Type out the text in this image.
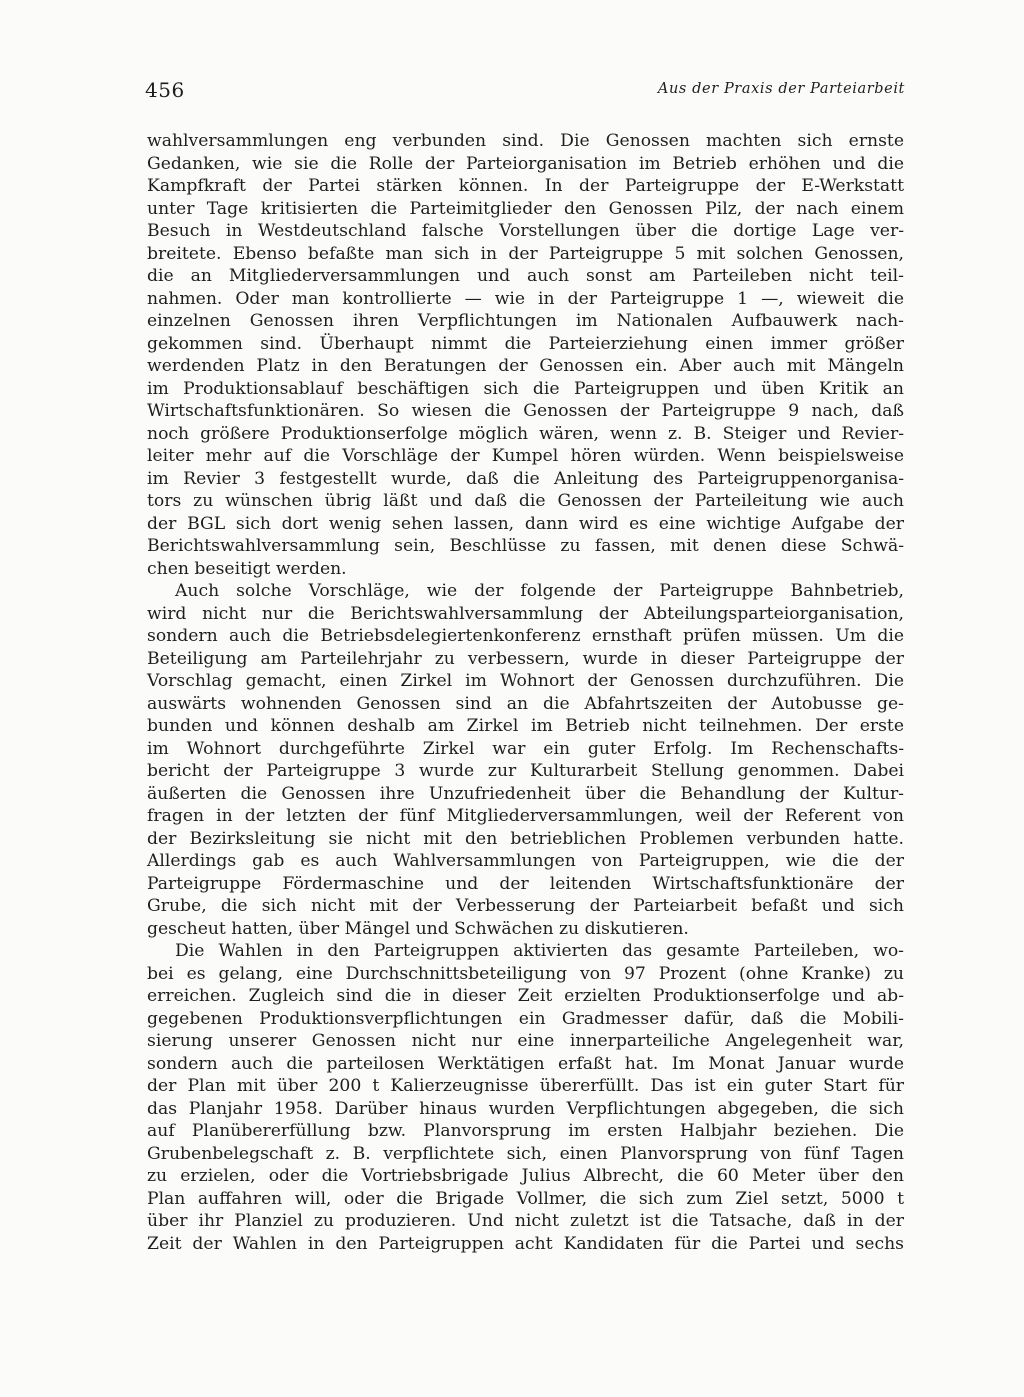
456	Aus der Praxis der Parteiarbeit
wahlversammlungen eng verbunden sind. Die Genossen machten sich ernste
Gedanken, wie sie die Rolle der Parteiorganisation im Betrieb erhöhen und die
Kampfkraft der Partei stärken können. In der Parteigruppe der E-Werkstatt
unter Tage kritisierten die Parteimitglieder den Genossen Pilz, der nach einem
Besuch in Westdeutschland falsche Vorstellungen über die dortige Lage ver-
breitete. Ebenso befaßte man sich in der Parteigruppe 5 mit solchen Genossen,
die an Mitgliederversammlungen und auch sonst am Parteileben nicht teil-
nahmen. Oder man kontrollierte — wie in der Parteigruppe 1 —, wieweit die
einzelnen Genossen ihren Verpflichtungen im Nationalen Aufbauwerk nach-
gekommen sind. Überhaupt nimmt die Parteierziehung einen immer größer
werdenden Platz in den Beratungen der Genossen ein. Aber auch mit Mängeln
im Produktionsablauf beschäftigen sich die Parteigruppen und üben Kritik an
Wirtschaftsfunktionären. So wiesen die Genossen der Parteigruppe 9 nach, daß
noch größere Produktionserfolge möglich wären, wenn z. B. Steiger und Revier-
leiter mehr auf die Vorschläge der Kumpel hören würden. Wenn beispielsweise
im Revier 3 festgestellt wurde, daß die Anleitung des Parteigruppenorganisa-
tors zu wünschen übrig läßt und daß die Genossen der Parteileitung wie auch
der BGL sich dort wenig sehen lassen, dann wird es eine wichtige Aufgabe der
Berichtswahlversammlung sein, Beschlüsse zu fassen, mit denen diese Schwä-
chen beseitigt werden.
Auch solche Vorschläge, wie der folgende der Parteigruppe Bahnbetrieb,
wird nicht nur die Berichtswahlversammlung der Abteilungsparteiorganisation,
sondern auch die Betriebsdelegiertenkonferenz ernsthaft prüfen müssen. Um die
Beteiligung am Parteilehrjahr zu verbessern, wurde in dieser Parteigruppe der
Vorschlag gemacht, einen Zirkel im Wohnort der Genossen durchzuführen. Die
auswärts wohnenden Genossen sind an die Abfahrtszeiten der Autobusse ge-
bunden und können deshalb am Zirkel im Betrieb nicht teilnehmen. Der erste
im Wohnort durchgeführte Zirkel war ein guter Erfolg. Im Rechenschafts-
bericht der Parteigruppe 3 wurde zur Kulturarbeit Stellung genommen. Dabei
äußerten die Genossen ihre Unzufriedenheit über die Behandlung der Kultur-
fragen in der letzten der fünf Mitgliederversammlungen, weil der Referent von
der Bezirksleitung sie nicht mit den betrieblichen Problemen verbunden hatte.
Allerdings gab es auch Wahlversammlungen von Parteigruppen, wie die der
Parteigruppe Fördermaschine und der leitenden Wirtschaftsfunktionäre der
Grube, die sich nicht mit der Verbesserung der Parteiarbeit befaßt und sich
gescheut hatten, über Mängel und Schwächen zu diskutieren.
Die Wahlen in den Parteigruppen aktivierten das gesamte Parteileben, wo-
bei es gelang, eine Durchschnittsbeteiligung von 97 Prozent (ohne Kranke) zu
erreichen. Zugleich sind die in dieser Zeit erzielten Produktionserfolge und ab-
gegebenen Produktionsverpflichtungen ein Gradmesser dafür, daß die Mobili-
sierung unserer Genossen nicht nur eine innerparteiliche Angelegenheit war,
sondern auch die parteilosen Werktätigen erfaßt hat. Im Monat Januar wurde
der Plan mit über 200 t Kalierzeugnisse übererfüllt. Das ist ein guter Start für
das Planjahr 1958. Darüber hinaus wurden Verpflichtungen abgegeben, die sich
auf Planübererfüllung bzw. Planvorsprung im ersten Halbjahr beziehen. Die
Grubenbelegschaft z. B. verpflichtete sich, einen Planvorsprung von fünf Tagen
zu erzielen, oder die Vortriebsbrigade Julius Albrecht, die 60 Meter über den
Plan auffahren will, oder die Brigade Vollmer, die sich zum Ziel setzt, 5000 t
über ihr Planziel zu produzieren. Und nicht zuletzt ist die Tatsache, daß in der
Zeit der Wahlen in den Parteigruppen acht Kandidaten für die Partei und sechs
